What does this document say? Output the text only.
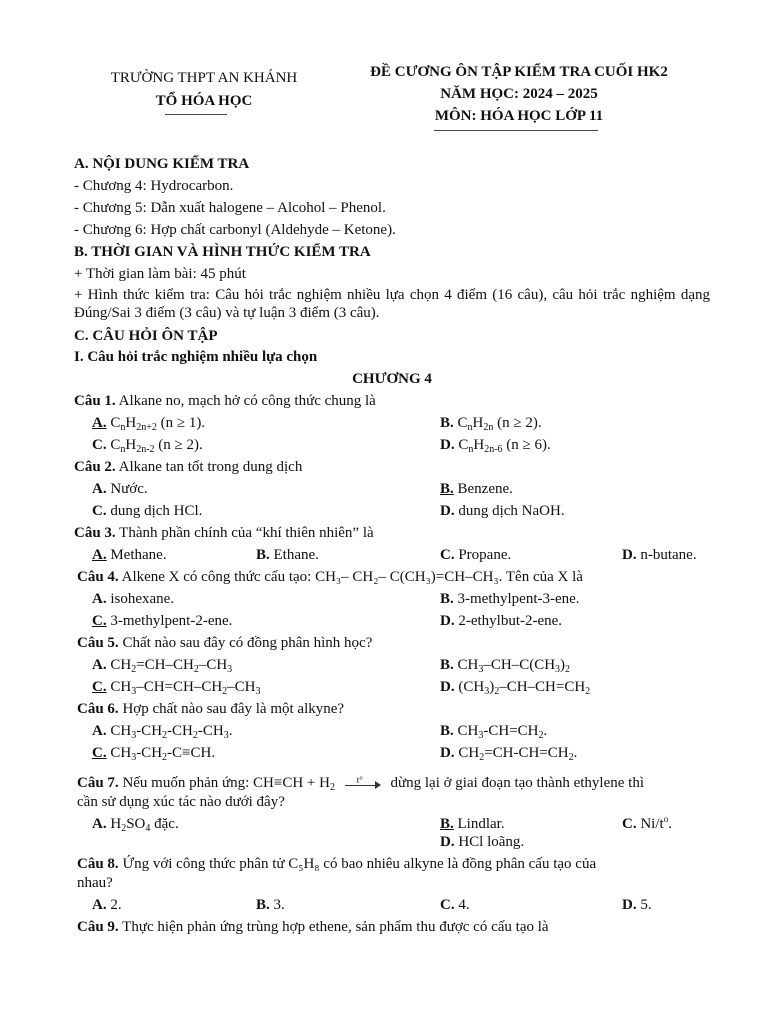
TRƯỜNG THPT AN KHÁNH
TỔ HÓA HỌC
ĐỀ CƯƠNG ÔN TẬP KIỂM TRA CUỐI HK2
NĂM HỌC: 2024 – 2025
MÔN: HÓA HỌC LỚP 11
A. NỘI DUNG KIỂM TRA
- Chương 4: Hydrocarbon.
- Chương 5: Dẫn xuất halogene – Alcohol – Phenol.
- Chương 6: Hợp chất carbonyl (Aldehyde – Ketone).
B. THỜI GIAN VÀ HÌNH THỨC KIỂM TRA
+ Thời gian làm bài: 45 phút
+ Hình thức kiểm tra: Câu hỏi trắc nghiệm nhiều lựa chọn 4 điểm (16 câu), câu hỏi trắc nghiệm dạng Đúng/Sai 3 điểm (3 câu) và tự luận 3 điểm (3 câu).
C. CÂU HỎI ÔN TẬP
I. Câu hỏi trắc nghiệm nhiều lựa chọn
CHƯƠNG 4
Câu 1. Alkane no, mạch hở có công thức chung là
A. $C_nH_{2n+2}$ (n ≥ 1).	B. $C_nH_{2n}$ (n ≥ 2).
C. $C_nH_{2n-2}$ (n ≥ 2).	D. $C_nH_{2n-6}$ (n ≥ 6).
Câu 2. Alkane tan tốt trong dung dịch
A. Nước.	B. Benzene.
C. dung dịch HCl.	D. dung dịch NaOH.
Câu 3. Thành phần chính của “khí thiên nhiên” là
A. Methane.	B. Ethane.	C. Propane.	D. n-butane.
Câu 4. Alkene X có công thức cấu tạo: CH₃– CH₂– C(CH₃)=CH–CH₃. Tên của X là
A. isohexane.	B. 3-methylpent-3-ene.
C. 3-methylpent-2-ene.	D. 2-ethylbut-2-ene.
Câu 5. Chất nào sau đây có đồng phân hình học?
A. $CH_2=CH-CH_2-CH_3$	B. $CH_3-CH-C(CH_3)_2$
C. $CH_3-CH=CH-CH_2-CH_3$	D. $(CH_3)_2-CH-CH=CH_2$
Câu 6. Hợp chất nào sau đây là một alkyne?
A. $CH_3-CH_2-CH_2-CH_3$.	B. $CH_3-CH=CH_2$.
C. $CH_3-CH_2-C\equiv CH$.	D. $CH_2=CH-CH=CH_2$.
Câu 7. Nếu muốn phản ứng: $CH\equiv CH + H_2$
t° dừng lại ở giai đoạn tạo thành ethylene thì
cần sử dụng xúc tác nào dưới đây?
A. $H_2SO_4$ đặc.	B. Lindlar.	C. $Ni/t^o$.
D. HCl loãng.
Câu 8. Ứng với công thức phân tử C₅H₈ có bao nhiêu alkyne là đồng phân cấu tạo của
nhau?
A. 2.	B. 3.	C. 4.	D. 5.
Câu 9. Thực hiện phản ứng trùng hợp ethene, sản phẩm thu được có cấu tạo là
